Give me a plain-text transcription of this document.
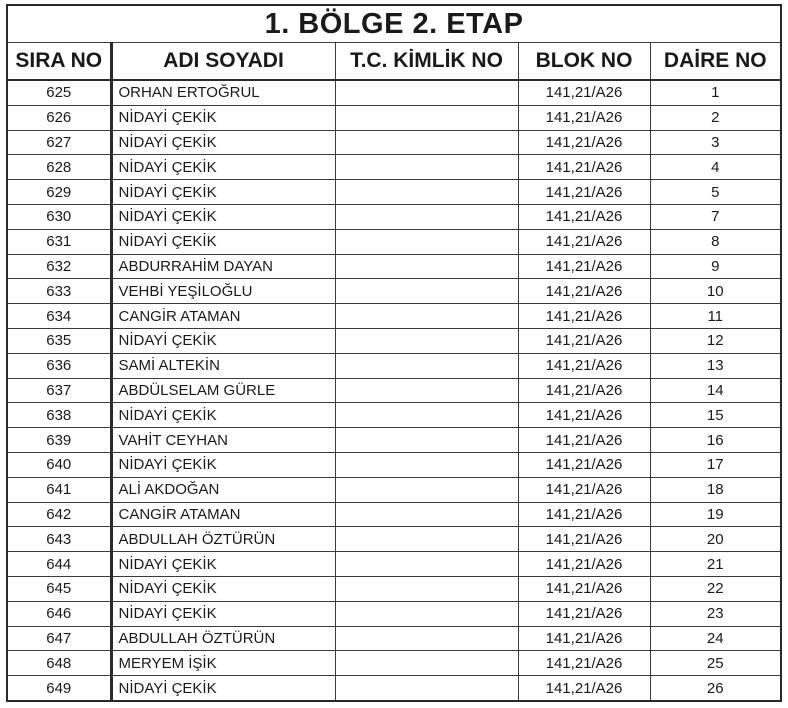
1. BÖLGE 2. ETAP				
SIRA NO	ADI SOYADI	T.C. KİMLİK NO	BLOK NO	DAİRE NO
625	ORHAN ERTOĞRUL		141,21/A26	1
626	NİDAYİ ÇEKİK		141,21/A26	2
627	NİDAYİ ÇEKİK		141,21/A26	3
628	NİDAYİ ÇEKİK		141,21/A26	4
629	NİDAYİ ÇEKİK		141,21/A26	5
630	NİDAYİ ÇEKİK		141,21/A26	7
631	NİDAYİ ÇEKİK		141,21/A26	8
632	ABDURRAHİM DAYAN		141,21/A26	9
633	VEHBİ YEŞİLOĞLU		141,21/A26	10
634	CANGİR ATAMAN		141,21/A26	11
635	NİDAYİ ÇEKİK		141,21/A26	12
636	SAMİ ALTEKİN		141,21/A26	13
637	ABDÜLSELAM GÜRLE		141,21/A26	14
638	NİDAYİ ÇEKİK		141,21/A26	15
639	VAHİT CEYHAN		141,21/A26	16
640	NİDAYİ ÇEKİK		141,21/A26	17
641	ALİ AKDOĞAN		141,21/A26	18
642	CANGİR ATAMAN		141,21/A26	19
643	ABDULLAH ÖZTÜRÜN		141,21/A26	20
644	NİDAYİ ÇEKİK		141,21/A26	21
645	NİDAYİ ÇEKİK		141,21/A26	22
646	NİDAYİ ÇEKİK		141,21/A26	23
647	ABDULLAH ÖZTÜRÜN		141,21/A26	24
648	MERYEM İŞİK		141,21/A26	25
649	NİDAYİ ÇEKİK		141,21/A26	26
